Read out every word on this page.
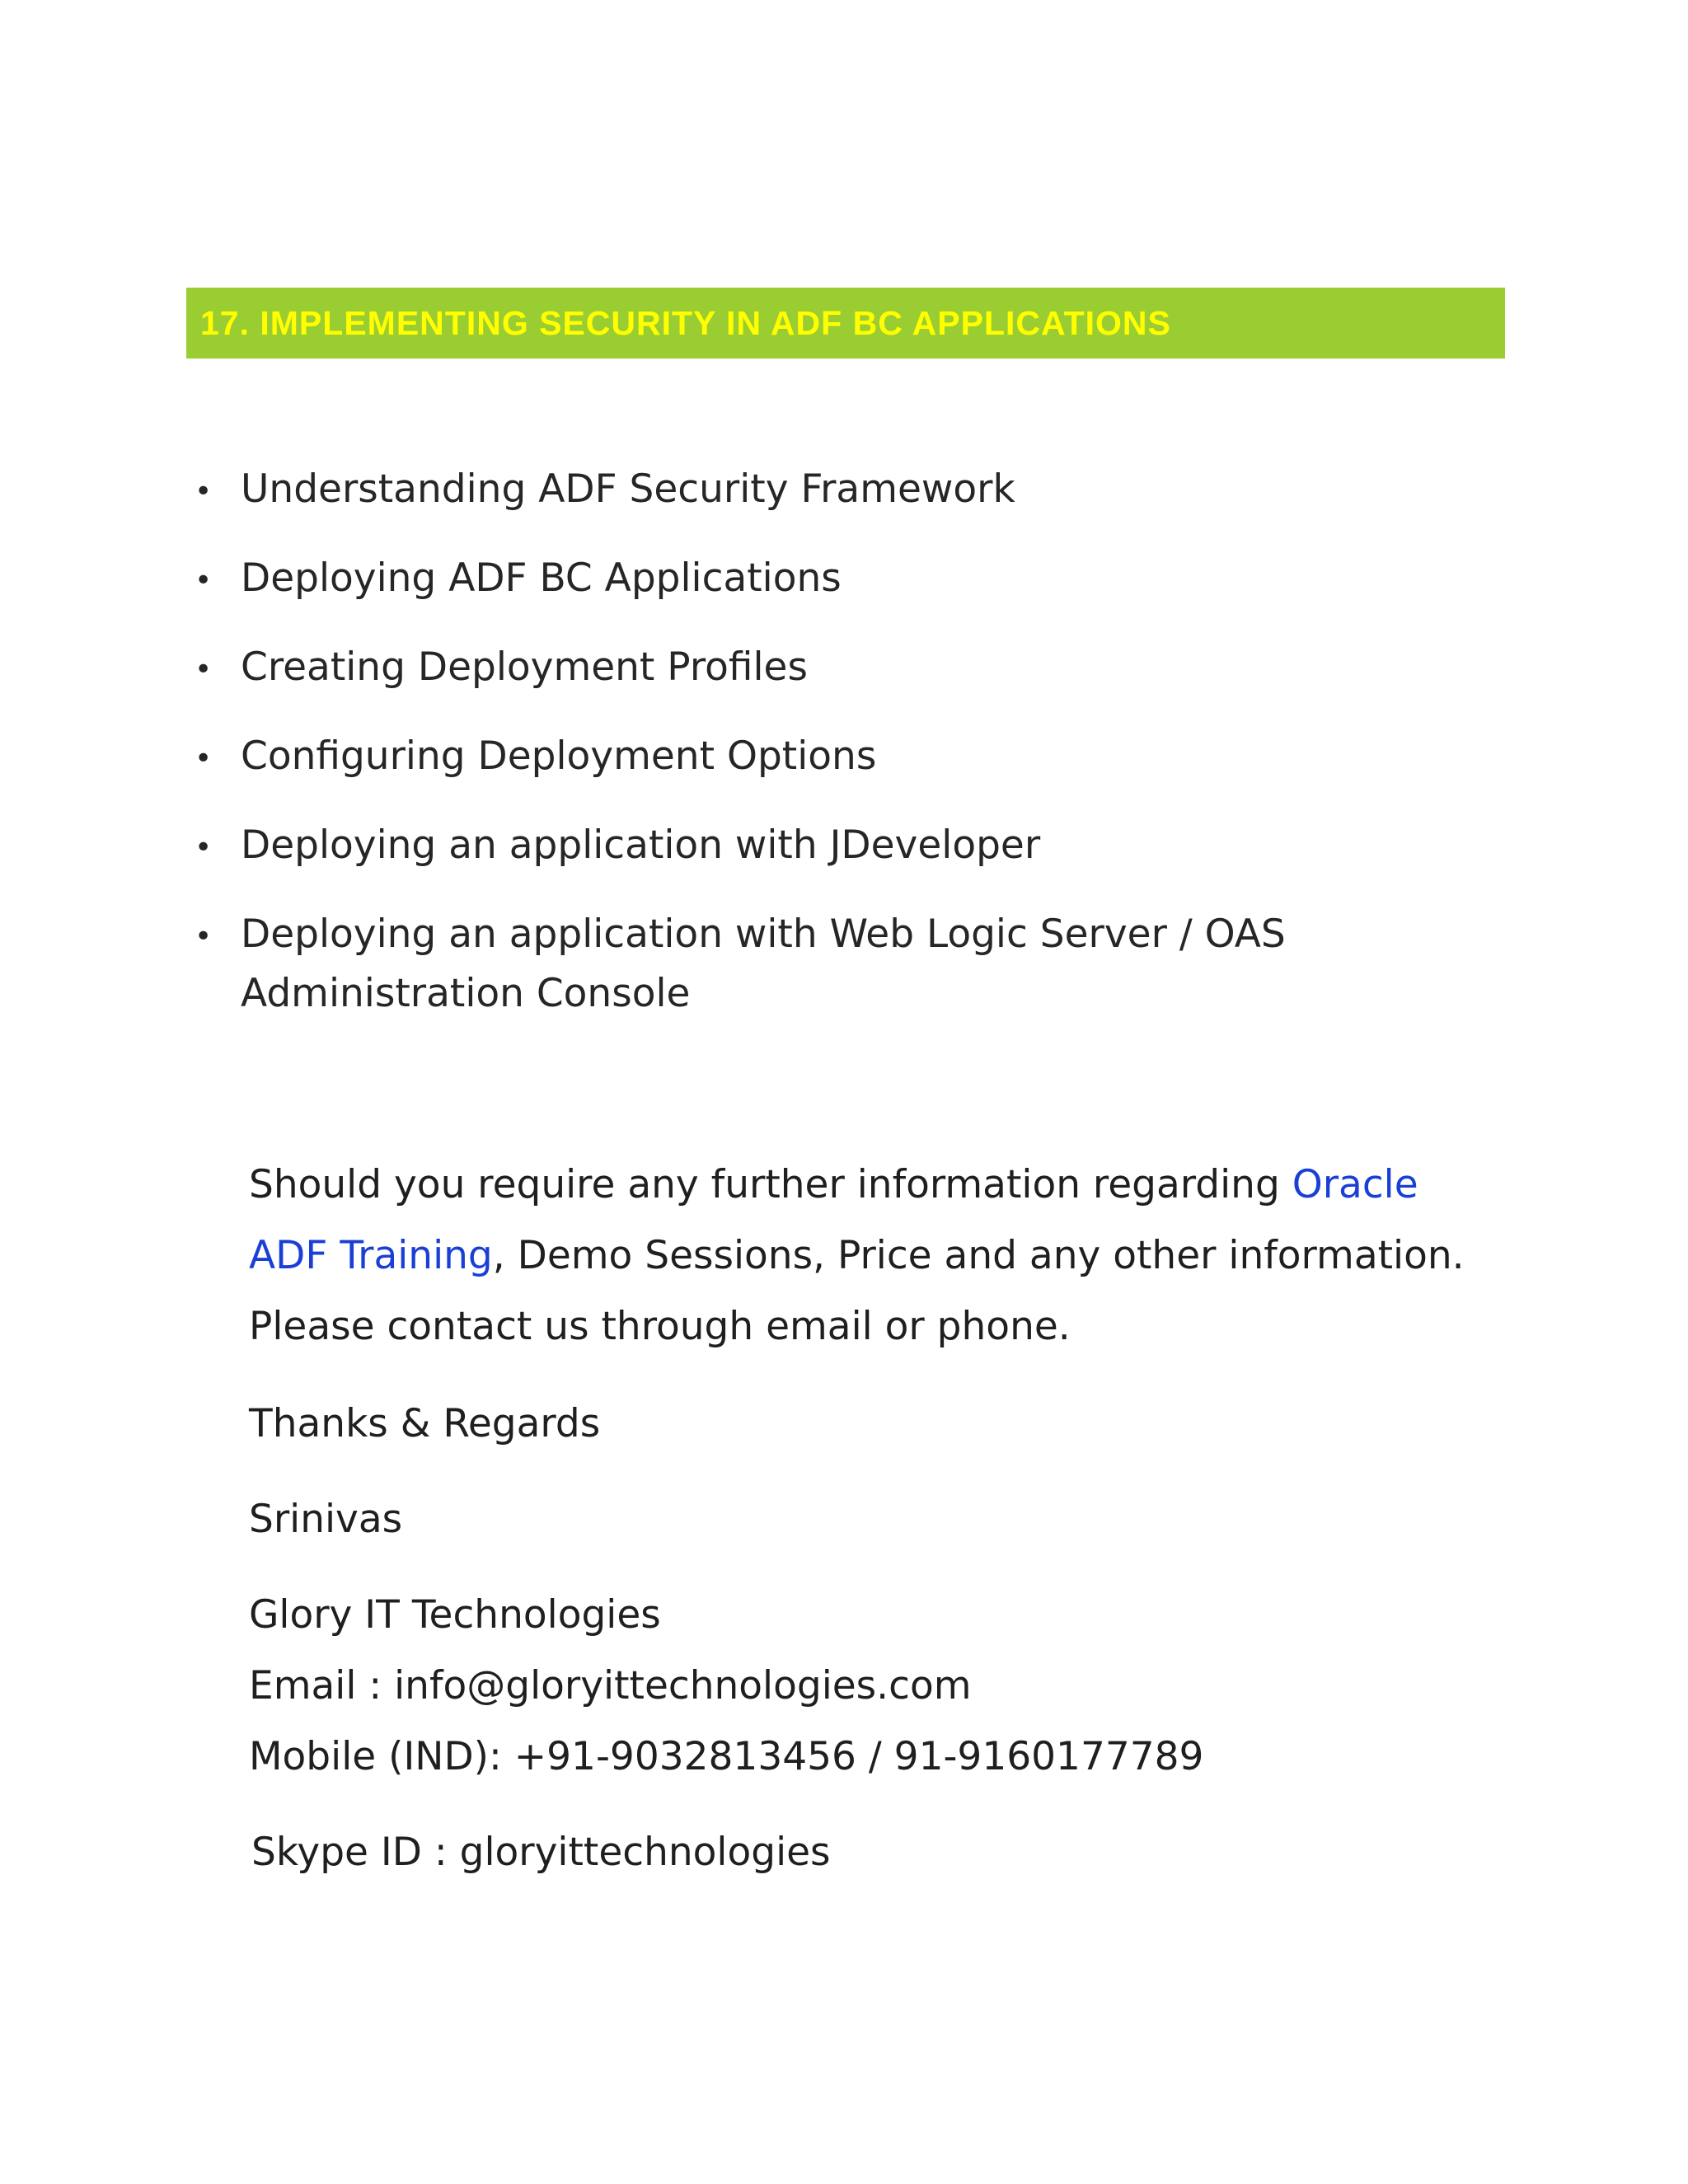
17. IMPLEMENTING SECURITY IN ADF BC APPLICATIONS
• Understanding ADF Security Framework
• Deploying ADF BC Applications
• Creating Deployment Profiles
• Configuring Deployment Options
• Deploying an application with JDeveloper
• Deploying an application with Web Logic Server / OAS Administration Console

Should you require any further information regarding Oracle ADF Training, Demo Sessions, Price and any other information. Please contact us through email or phone.

Thanks & Regards

Srinivas

Glory IT Technologies

Email : info@gloryittechnologies.com

Mobile (IND): +91-9032813456 / 91-9160177789

Skype ID : gloryittechnologies
